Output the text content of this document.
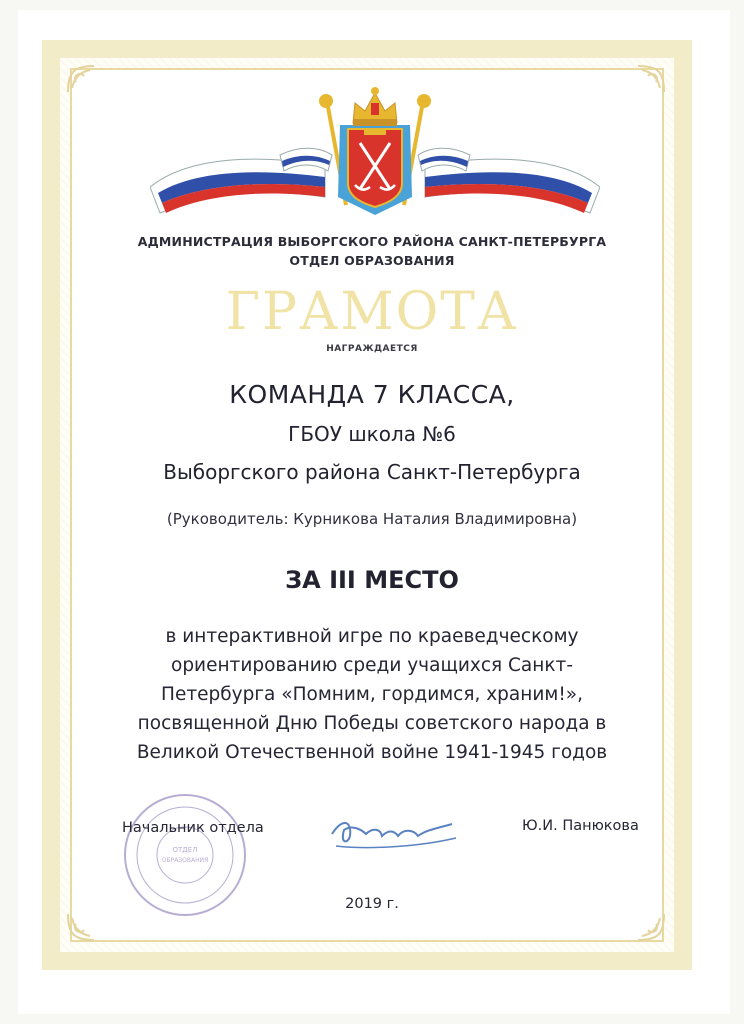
АДМИНИСТРАЦИЯ ВЫБОРГСКОГО РАЙОНА САНКТ-ПЕТЕРБУРГА
ОТДЕЛ ОБРАЗОВАНИЯ
ГРАМОТА
НАГРАЖДАЕТСЯ
КОМАНДА 7 КЛАССА,
ГБОУ школа №6
Выборгского района Санкт-Петербурга
(Руководитель: Курникова Наталия Владимировна)
ЗА III МЕСТО
в интерактивной игре по краеведческому
ориентированию среди учащихся Санкт-
Петербурга «Помним, гордимся, храним!»,
посвященной Дню Победы советского народа в
Великой Отечественной войне 1941-1945 годов
ОТДЕЛ
ОБРАЗОВАНИЯ
Начальник отдела	Ю.И. Панюкова
2019 г.
